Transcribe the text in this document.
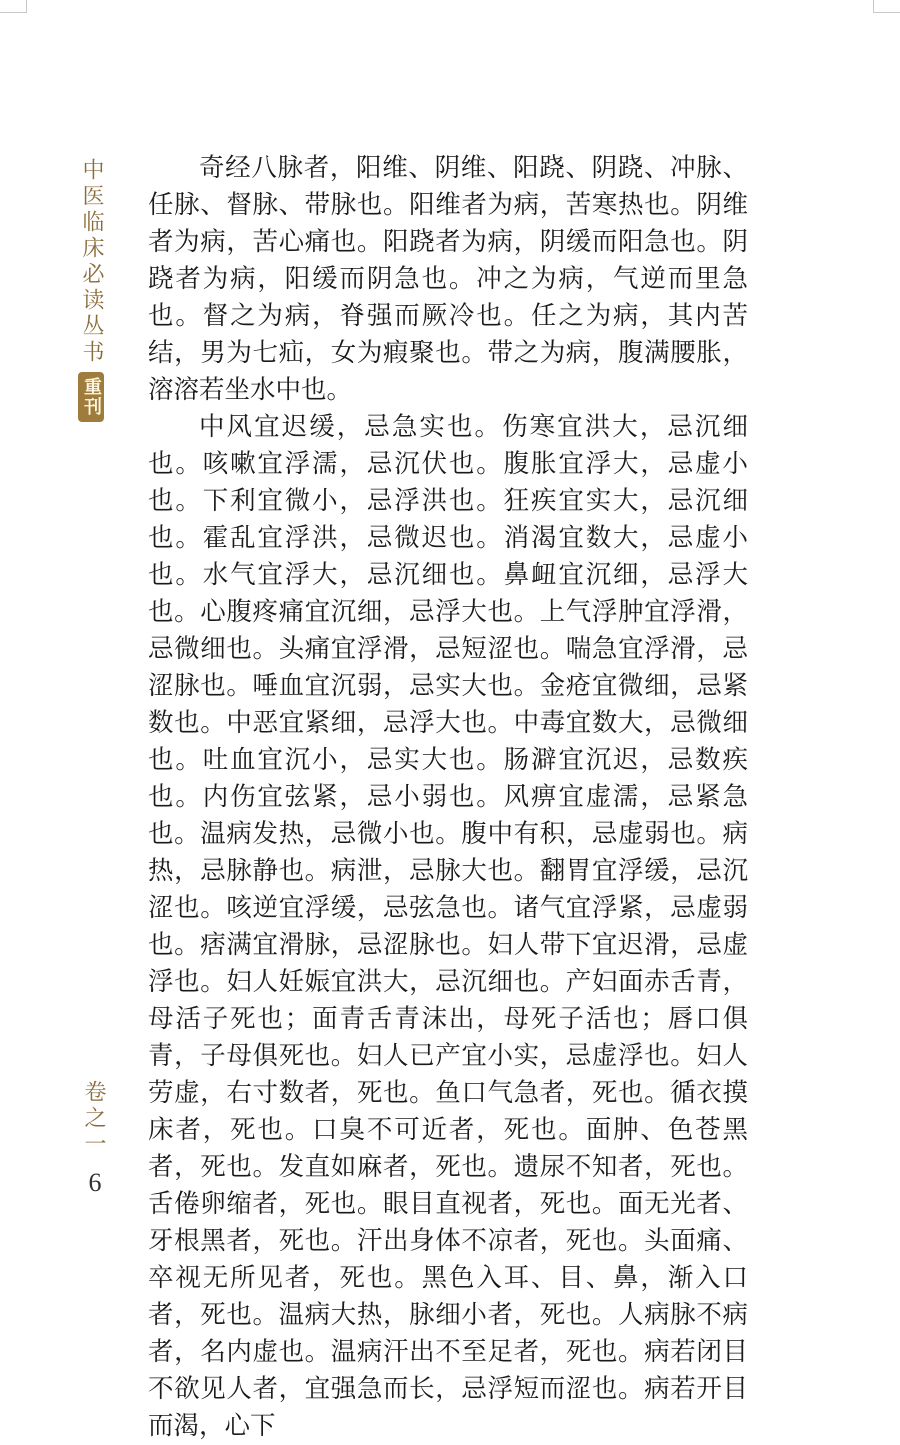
中医临床必读丛书
重刊
卷之一
6

奇经八脉者，阳维、阴维、阳跷、阴跷、冲脉、任脉、督脉、带脉也。阳维者为病，苦寒热也。阴维者为病，苦心痛也。阳跷者为病，阴缓而阳急也。阴跷者为病，阳缓而阴急也。冲之为病，气逆而里急也。督之为病，脊强而厥冷也。任之为病，其内苦结，男为七疝，女为瘕聚也。带之为病，腹满腰胀，溶溶若坐水中也。

中风宜迟缓，忌急实也。伤寒宜洪大，忌沉细也。咳嗽宜浮濡，忌沉伏也。腹胀宜浮大，忌虚小也。下利宜微小，忌浮洪也。狂疾宜实大，忌沉细也。霍乱宜浮洪，忌微迟也。消渴宜数大，忌虚小也。水气宜浮大，忌沉细也。鼻衄宜沉细，忌浮大也。心腹疼痛宜沉细，忌浮大也。上气浮肿宜浮滑，忌微细也。头痛宜浮滑，忌短涩也。喘急宜浮滑，忌涩脉也。唾血宜沉弱，忌实大也。金疮宜微细，忌紧数也。中恶宜紧细，忌浮大也。中毒宜数大，忌微细也。吐血宜沉小，忌实大也。肠澼宜沉迟，忌数疾也。内伤宜弦紧，忌小弱也。风痹宜虚濡，忌紧急也。温病发热，忌微小也。腹中有积，忌虚弱也。病热，忌脉静也。病泄，忌脉大也。翻胃宜浮缓，忌沉涩也。咳逆宜浮缓，忌弦急也。诸气宜浮紧，忌虚弱也。痞满宜滑脉，忌涩脉也。妇人带下宜迟滑，忌虚浮也。妇人妊娠宜洪大，忌沉细也。产妇面赤舌青，母活子死也；面青舌青沫出，母死子活也；唇口俱青，子母俱死也。妇人已产宜小实，忌虚浮也。妇人劳虚，右寸数者，死也。鱼口气急者，死也。循衣摸床者，死也。口臭不可近者，死也。面肿、色苍黑者，死也。发直如麻者，死也。遗尿不知者，死也。舌倦卵缩者，死也。眼目直视者，死也。面无光者、牙根黑者，死也。汗出身体不凉者，死也。头面痛、卒视无所见者，死也。黑色入耳、目、鼻，渐入口者，死也。温病大热，脉细小者，死也。人病脉不病者，名内虚也。温病汗出不至足者，死也。病若闭目不欲见人者，宜强急而长，忌浮短而涩也。病若开目而渴，心下
